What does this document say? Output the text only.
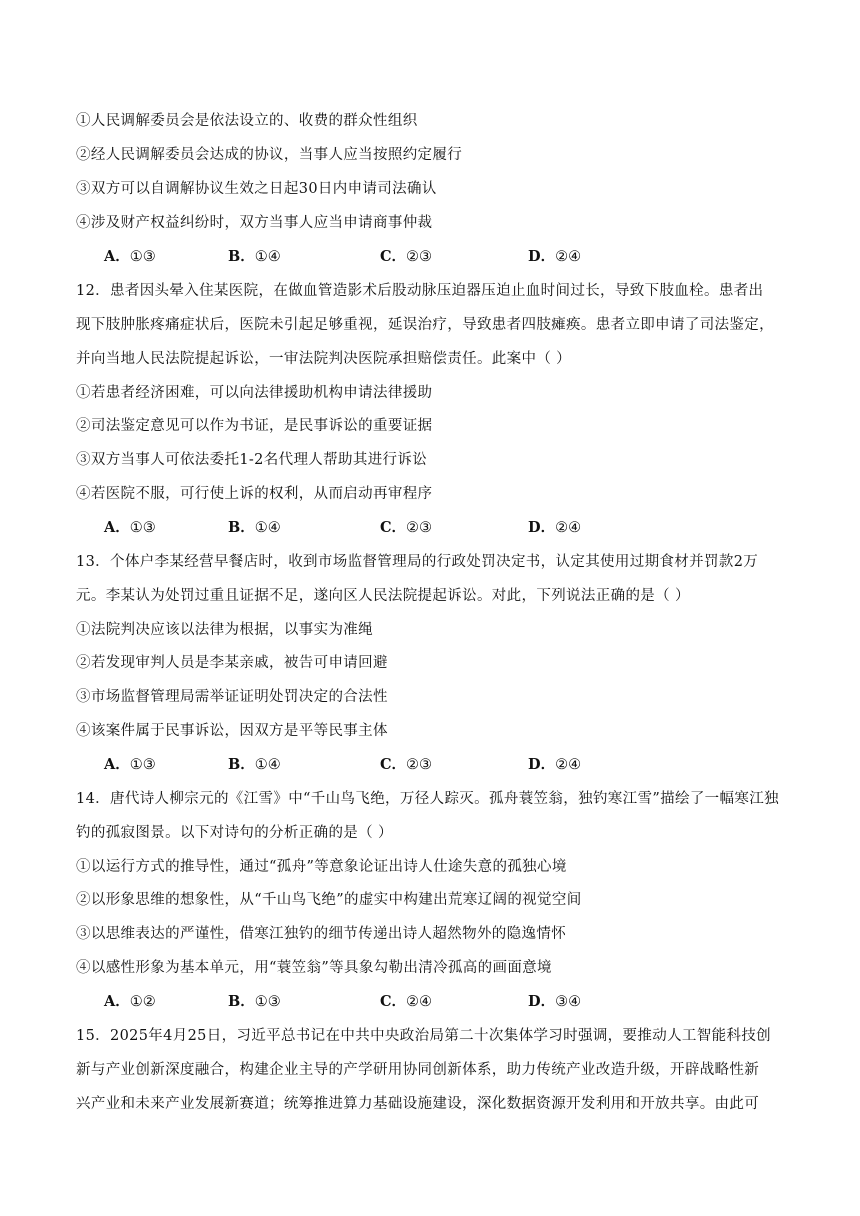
①人民调解委员会是依法设立的、收费的群众性组织
②经人民调解委员会达成的协议，当事人应当按照约定履行
③双方可以自调解协议生效之日起30日内申请司法确认
④涉及财产权益纠纷时，双方当事人应当申请商事仲裁
A．①③	B．①④	C．②③	D．②④
12．患者因头晕入住某医院，在做血管造影术后股动脉压迫器压迫止血时间过长，导致下肢血栓。患者出
现下肢肿胀疼痛症状后，医院未引起足够重视，延误治疗，导致患者四肢瘫痪。患者立即申请了司法鉴定，
并向当地人民法院提起诉讼，一审法院判决医院承担赔偿责任。此案中（ ）
①若患者经济困难，可以向法律援助机构申请法律援助
②司法鉴定意见可以作为书证，是民事诉讼的重要证据
③双方当事人可依法委托1-2名代理人帮助其进行诉讼
④若医院不服，可行使上诉的权利，从而启动再审程序
A．①③	B．①④	C．②③	D．②④
13．个体户李某经营早餐店时，收到市场监督管理局的行政处罚决定书，认定其使用过期食材并罚款2万
元。李某认为处罚过重且证据不足，遂向区人民法院提起诉讼。对此，下列说法正确的是（ ）
①法院判决应该以法律为根据，以事实为准绳
②若发现审判人员是李某亲戚，被告可申请回避
③市场监督管理局需举证证明处罚决定的合法性
④该案件属于民事诉讼，因双方是平等民事主体
A．①③	B．①④	C．②③	D．②④
14．唐代诗人柳宗元的《江雪》中“千山鸟飞绝，万径人踪灭。孤舟蓑笠翁，独钓寒江雪”描绘了一幅寒江独
钓的孤寂图景。以下对诗句的分析正确的是（ ）
①以运行方式的推导性，通过“孤舟”等意象论证出诗人仕途失意的孤独心境
②以形象思维的想象性，从“千山鸟飞绝”的虚实中构建出荒寒辽阔的视觉空间
③以思维表达的严谨性，借寒江独钓的细节传递出诗人超然物外的隐逸情怀
④以感性形象为基本单元，用“蓑笠翁”等具象勾勒出清冷孤高的画面意境
A．①②	B．①③	C．②④	D．③④
15．2025年4月25日，习近平总书记在中共中央政治局第二十次集体学习时强调，要推动人工智能科技创
新与产业创新深度融合，构建企业主导的产学研用协同创新体系，助力传统产业改造升级，开辟战略性新
兴产业和未来产业发展新赛道；统筹推进算力基础设施建设，深化数据资源开发利用和开放共享。由此可
